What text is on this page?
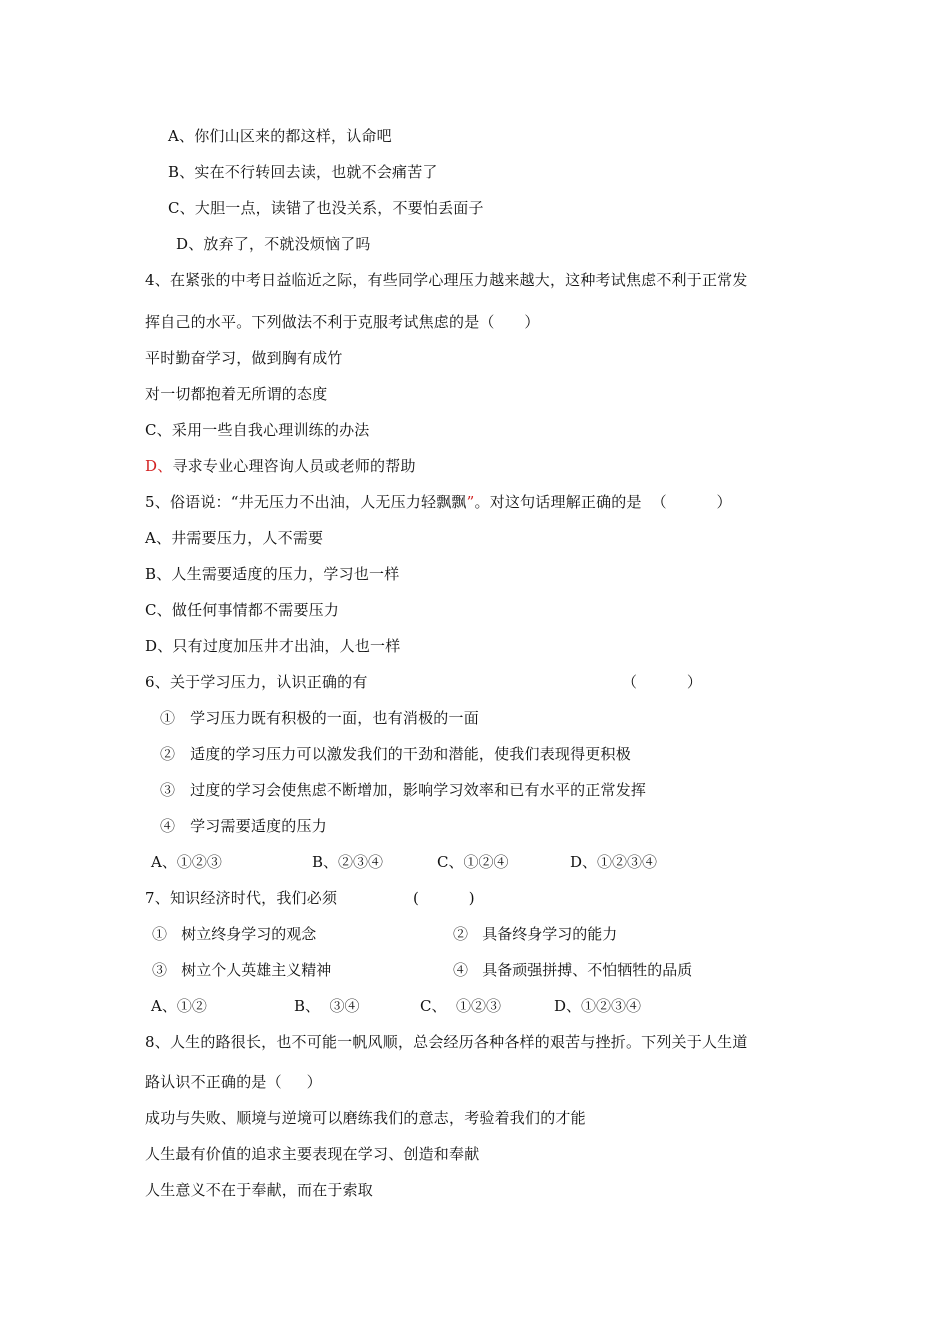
A、你们山区来的都这样，认命吧
B、实在不行转回去读，也就不会痛苦了
C、大胆一点，读错了也没关系，不要怕丢面子
D、放弃了，不就没烦恼了吗
4、在紧张的中考日益临近之际，有些同学心理压力越来越大，这种考试焦虑不利于正常发
挥自己的水平。下列做法不利于克服考试焦虑的是（      ）
平时勤奋学习，做到胸有成竹
对一切都抱着无所谓的态度
C、采用一些自我心理训练的办法
D、寻求专业心理咨询人员或老师的帮助
5、俗语说：“井无压力不出油，人无压力轻飘飘”。对这句话理解正确的是  （          ）
A、井需要压力，人不需要
B、人生需要适度的压力，学习也一样
C、做任何事情都不需要压力
D、只有过度加压井才出油，人也一样
6、关于学习压力，认识正确的有	（          ）
①   学习压力既有积极的一面，也有消极的一面
②   适度的学习压力可以激发我们的干劲和潜能，使我们表现得更积极
③   过度的学习会使焦虑不断增加，影响学习效率和已有水平的正常发挥
④   学习需要适度的压力

A、①②③

	B、②③④

	C、①②④

	D、①②③④

7、知识经济时代，我们必须	(          )

①   树立终身学习的观念

	②   具备终身学习的能力

③   树立个人英雄主义精神

	④   具备顽强拼搏、不怕牺牲的品质

A、①②

	B、  ③④

	C、  ①②③

	D、①②③④

8、人生的路很长，也不可能一帆风顺，总会经历各种各样的艰苦与挫折。下列关于人生道
路认识不正确的是（     ）
成功与失败、顺境与逆境可以磨练我们的意志，考验着我们的才能
人生最有价值的追求主要表现在学习、创造和奉献
人生意义不在于奉献，而在于索取
